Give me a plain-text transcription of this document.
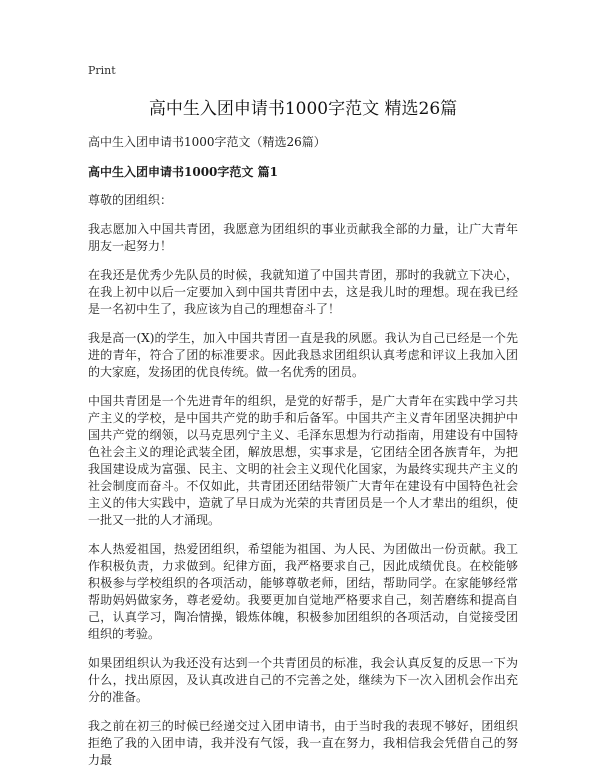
Print
高中生入团申请书1000字范文 精选26篇
高中生入团申请书1000字范文（精选26篇）
高中生入团申请书1000字范文 篇1

尊敬的团组织：

我志愿加入中国共青团，我愿意为团组织的事业贡献我全部的力量，让广大青年朋友一起努力！

在我还是优秀少先队员的时候，我就知道了中国共青团，那时的我就立下决心，在我上初中以后一定要加入到中国共青团中去，这是我儿时的理想。现在我已经是一名初中生了，我应该为自己的理想奋斗了！

我是高一(X)的学生，加入中国共青团一直是我的夙愿。我认为自己已经是一个先进的青年，符合了团的标准要求。因此我恳求团组织认真考虑和评议上我加入团的大家庭，发扬团的优良传统。做一名优秀的团员。

中国共青团是一个先进青年的组织，是党的好帮手，是广大青年在实践中学习共产主义的学校，是中国共产党的助手和后备军。中国共产主义青年团坚决拥护中国共产党的纲领，以马克思列宁主义、毛泽东思想为行动指南，用建设有中国特色社会主义的理论武装全团，解放思想，实事求是，它团结全团各族青年，为把我国建设成为富强、民主、文明的社会主义现代化国家，为最终实现共产主义的社会制度而奋斗。不仅如此，共青团还团结带领广大青年在建设有中国特色社会主义的伟大实践中，造就了早日成为光荣的共青团员是一个人才辈出的组织，使一批又一批的人才涌现。

本人热爱祖国，热爱团组织，希望能为祖国、为人民、为团做出一份贡献。我工作积极负责，力求做到。纪律方面，我严格要求自己，因此成绩优良。在校能够积极参与学校组织的各项活动，能够尊敬老师，团结，帮助同学。在家能够经常帮助妈妈做家务，尊老爱幼。我要更加自觉地严格要求自己，刻苦磨练和提高自己，认真学习，陶冶情操，锻炼体魄，积极参加团组织的各项活动，自觉接受团组织的考验。

如果团组织认为我还没有达到一个共青团员的标准，我会认真反复的反思一下为什么，找出原因，及认真改进自己的不完善之处，继续为下一次入团机会作出充分的准备。

我之前在初三的时候已经递交过入团申请书，由于当时我的表现不够好，团组织拒绝了我的入团申请，我并没有气馁，我一直在努力，我相信我会凭借自己的努力最
